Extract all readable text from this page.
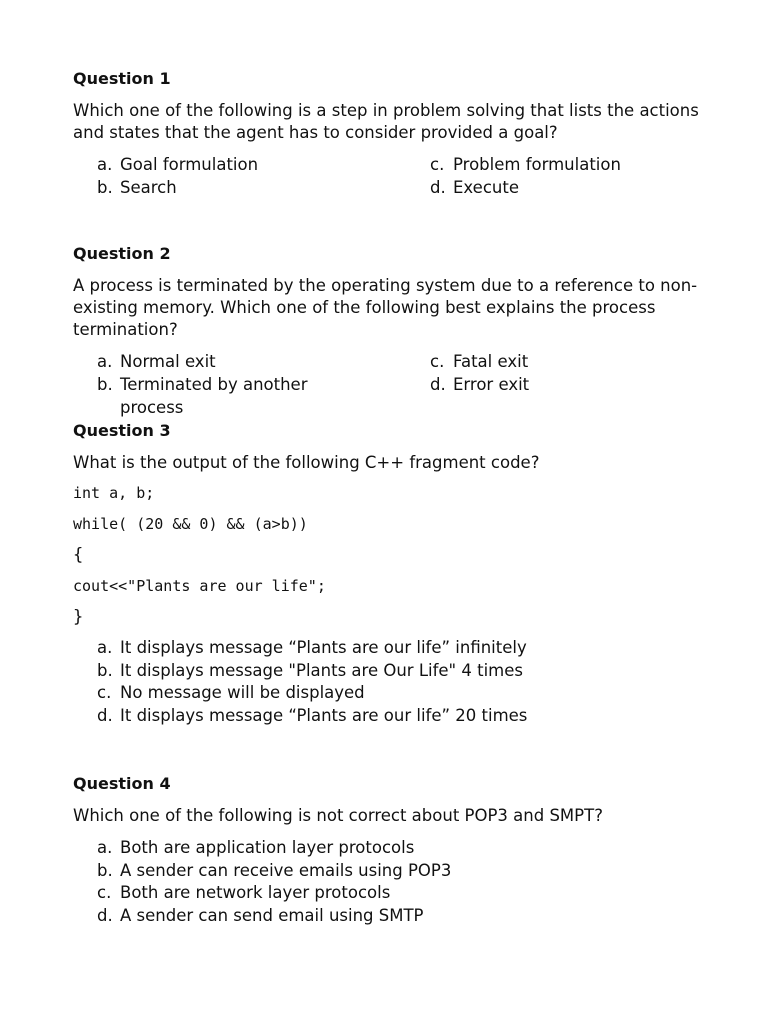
Question 1

Which one of the following is a step in problem solving that lists the actions and states that the agent has to consider provided a goal?

a. Goal formulation
b. Search
c. Problem formulation
d. Execute

Question 2

A process is terminated by the operating system due to a reference to non-existing memory. Which one of the following best explains the process termination?

a. Normal exit
b. Terminated by another process
c. Fatal exit
d. Error exit

Question 3

What is the output of the following C++ fragment code?

int a, b;

while( (20 && 0) && (a>b))

{

cout<<"Plants are our life";

}

a. It displays message “Plants are our life” infinitely
b. It displays message "Plants are Our Life" 4 times
c. No message will be displayed
d. It displays message “Plants are our life” 20 times

Question 4

Which one of the following is not correct about POP3 and SMPT?

a. Both are application layer protocols
b. A sender can receive emails using POP3
c. Both are network layer protocols
d. A sender can send email using SMTP
